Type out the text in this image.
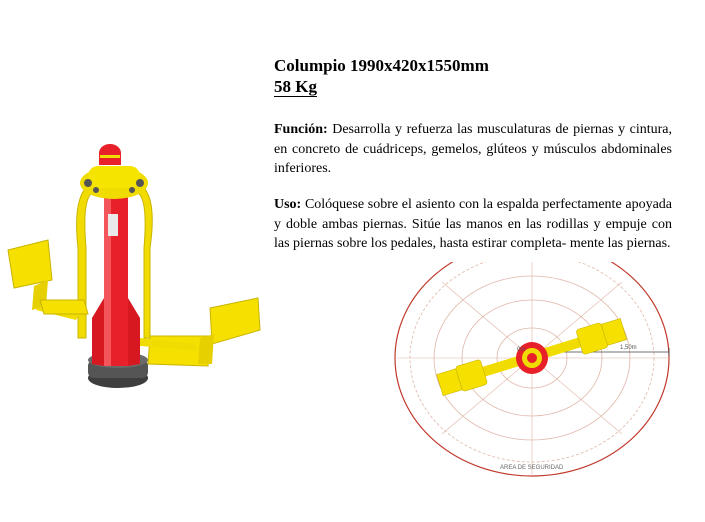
Columpio 1990x420x1550mm
58 Kg
Función: Desarrolla y refuerza las musculaturas de piernas y cintura, en concreto de cuádriceps, gemelos, glúteos y músculos abdominales inferiores.
Uso: Colóquese sobre el asiento con la espalda perfectamente apoyada y doble ambas piernas. Sitúe las manos en las rodillas y empuje con las piernas sobre los pedales, hasta estirar completa- mente las piernas.
0m	1,50m
AREA DE SEGURIDAD
